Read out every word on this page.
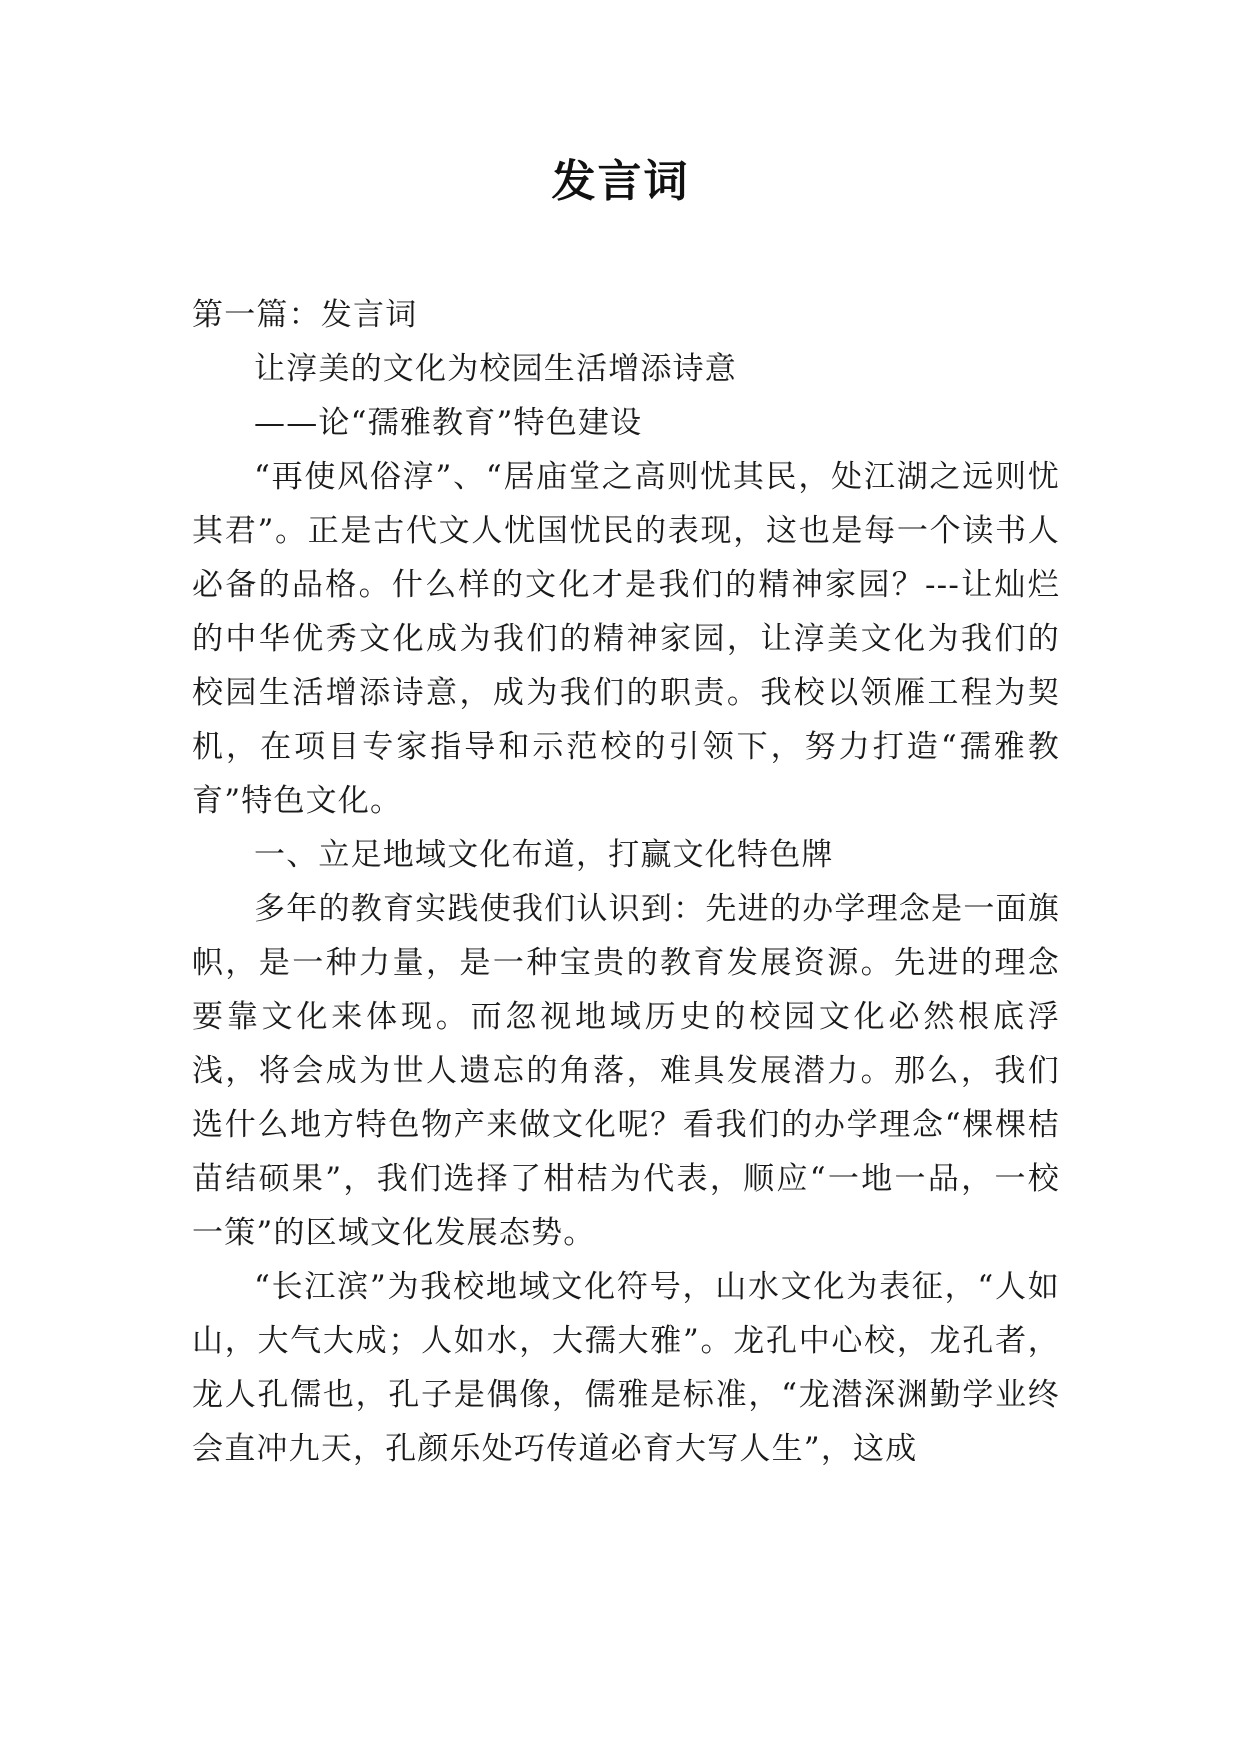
发言词
第一篇：发言词
让淳美的文化为校园生活增添诗意
——论“孺雅教育”特色建设

“再使风俗淳”、“居庙堂之高则忧其民，处江湖之远则忧其君”。正是古代文人忧国忧民的表现，这也是每一个读书人必备的品格。什么样的文化才是我们的精神家园？---让灿烂的中华优秀文化成为我们的精神家园，让淳美文化为我们的校园生活增添诗意，成为我们的职责。我校以领雁工程为契机，在项目专家指导和示范校的引领下，努力打造“孺雅教育”特色文化。

一、立足地域文化布道，打赢文化特色牌

多年的教育实践使我们认识到：先进的办学理念是一面旗帜，是一种力量，是一种宝贵的教育发展资源。先进的理念要靠文化来体现。而忽视地域历史的校园文化必然根底浮浅，将会成为世人遗忘的角落，难具发展潜力。那么，我们选什么地方特色物产来做文化呢？看我们的办学理念“棵棵桔苗结硕果”，我们选择了柑桔为代表，顺应“一地一品，一校一策”的区域文化发展态势。

“长江滨”为我校地域文化符号，山水文化为表征，“人如山，大气大成；人如水，大孺大雅”。龙孔中心校，龙孔者，龙人孔儒也，孔子是偶像，儒雅是标准，“龙潜深渊勤学业终会直冲九天，孔颜乐处巧传道必育大写人生”，这成
